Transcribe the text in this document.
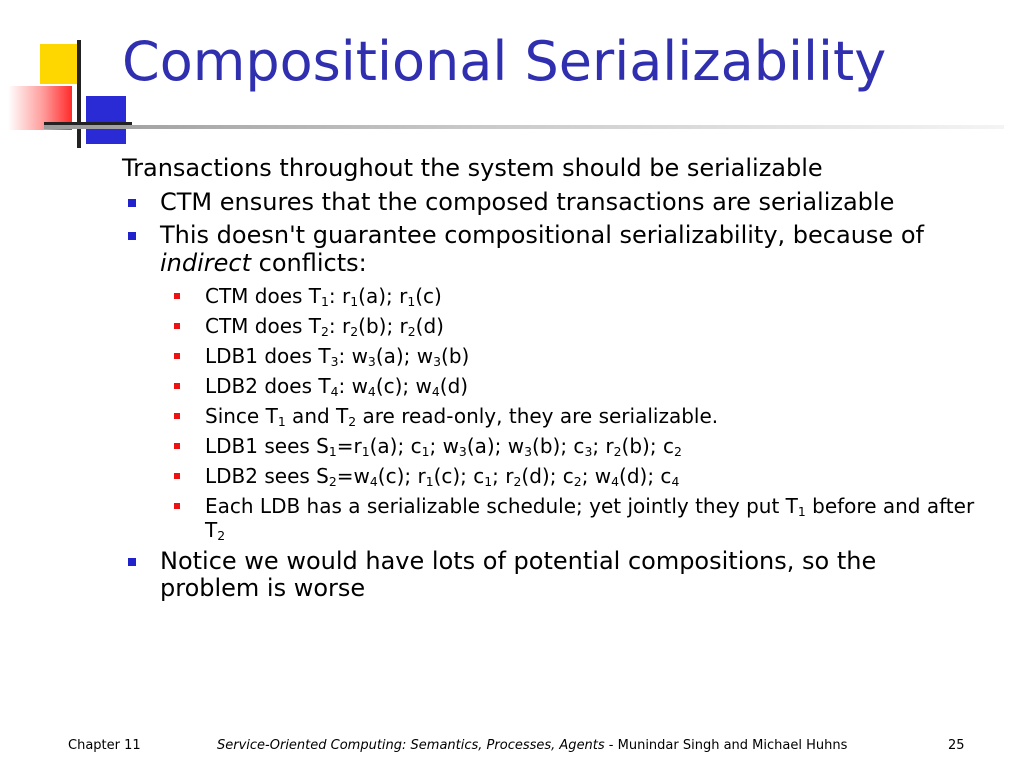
Compositional Serializability

Transactions throughout the system should be serializable

CTM ensures that the composed transactions are serializable
This doesn't guarantee compositional serializability, because of indirect conflicts:
CTM does $T_1$: $r_1(a)$; $r_1(c)$
CTM does $T_2$: $r_2(b)$; $r_2(d)$
LDB1 does $T_3$: $w_3(a)$; $w_3(b)$
LDB2 does $T_4$: $w_4(c)$; $w_4(d)$
Since $T_1$ and $T_2$ are read-only, they are serializable.
LDB1 sees $S_1=r_1(a)$; $c_1$; $w_3(a)$; $w_3(b)$; $c_3$; $r_2(b)$; $c_2$
LDB2 sees $S_2=w_4(c)$; $r_1(c)$; $c_1$; $r_2(d)$; $c_2$; $w_4(d)$; $c_4$
Each LDB has a serializable schedule; yet jointly they put $T_1$ before and after $T_2$
Notice we would have lots of potential compositions, so the problem is worse
Chapter 11	Service-Oriented Computing: Semantics, Processes, Agents - Munindar Singh and Michael Huhns	25
